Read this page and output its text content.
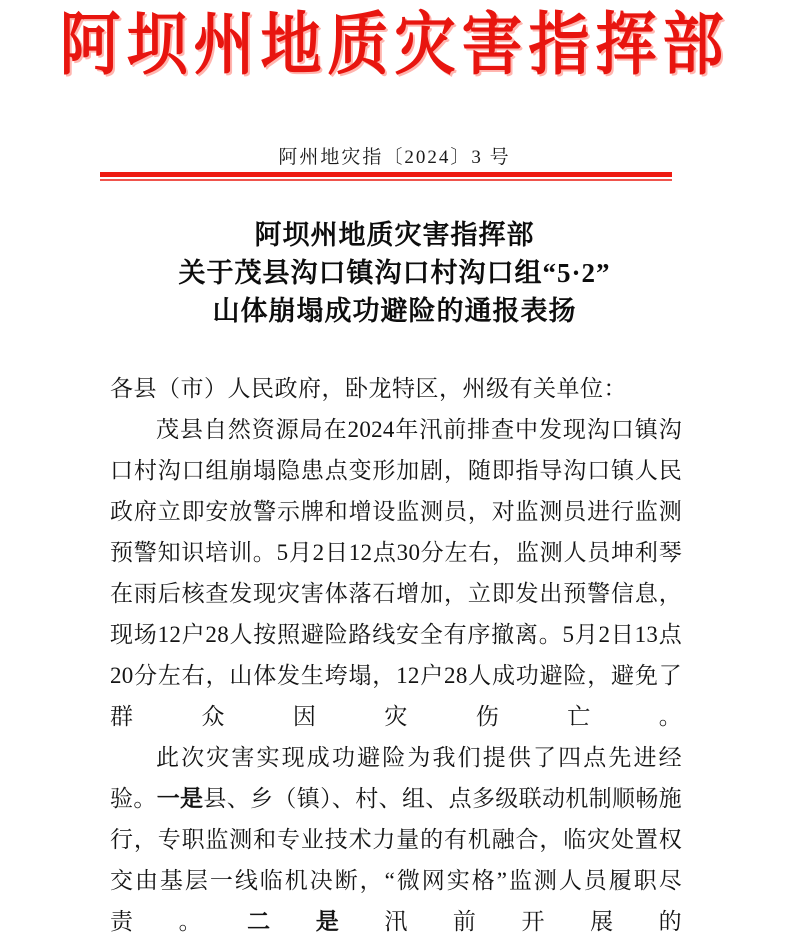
阿坝州地质灾害指挥部
阿州地灾指〔2024〕3 号
阿坝州地质灾害指挥部
关于茂县沟口镇沟口村沟口组“5·2”
山体崩塌成功避险的通报表扬

各县（市）人民政府，卧龙特区，州级有关单位：

茂县自然资源局在2024年汛前排查中发现沟口镇沟口村沟口组崩塌隐患点变形加剧，随即指导沟口镇人民政府立即安放警示牌和增设监测员，对监测员进行监测预警知识培训。5月2日12点30分左右，监测人员坤利琴在雨后核查发现灾害体落石增加，立即发出预警信息，现场12户28人按照避险路线安全有序撤离。5月2日13点20分左右，山体发生垮塌，12户28人成功避险，避免了群众因灾伤亡。

此次灾害实现成功避险为我们提供了四点先进经验。一是县、乡（镇）、村、组、点多级联动机制顺畅施行，专职监测和专业技术力量的有机融合，临灾处置权交由基层一线临机决断，“微网实格”监测人员履职尽责。二是汛前开展的
